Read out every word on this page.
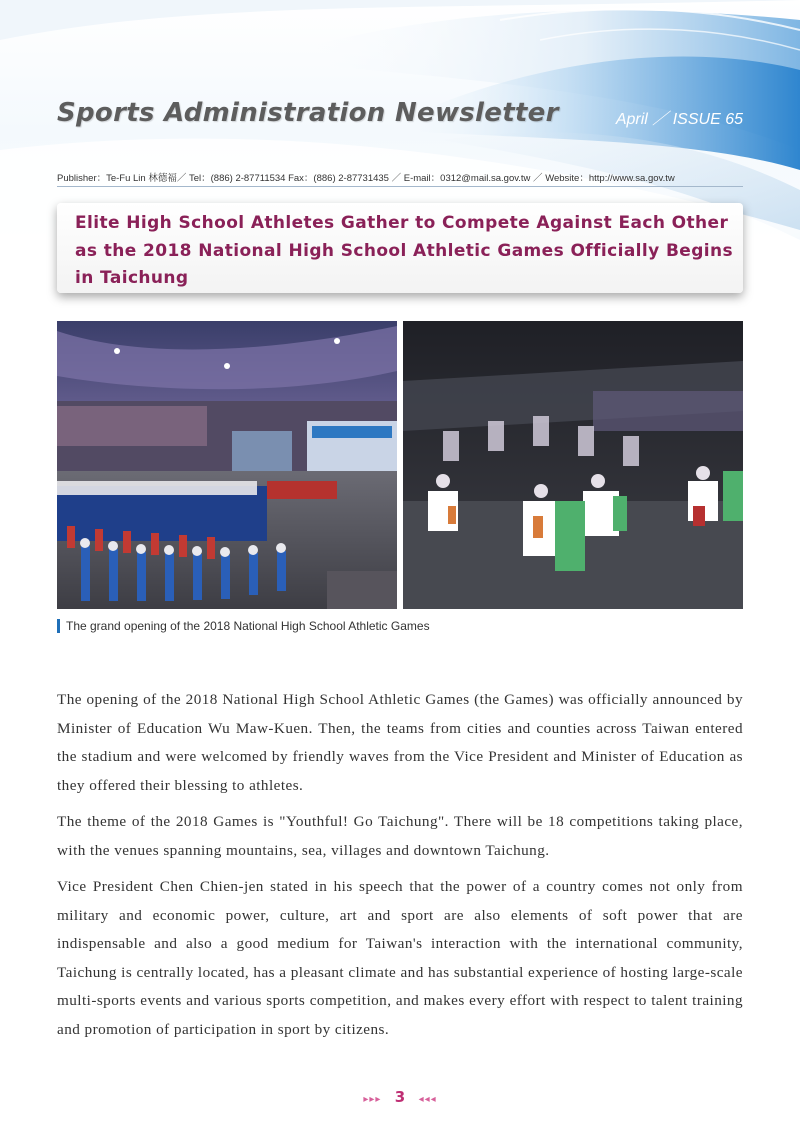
Sports Administration Newsletter	April ／ ISSUE 65
Publisher：Te-Fu Lin 林德福／ Tel：(886) 2-87711534 Fax：(886) 2-87731435 ／ E-mail：0312@mail.sa.gov.tw ／ Website：http://www.sa.gov.tw
Elite High School Athletes Gather to Compete Against Each Other as the 2018 National High School Athletic Games Officially Begins in Taichung
The grand opening of the 2018 National High School Athletic Games

The opening of the 2018 National High School Athletic Games (the Games) was officially announced by Minister of Education Wu Maw-Kuen. Then, the teams from cities and counties across Taiwan entered the stadium and were welcomed by friendly waves from the Vice President and Minister of Education as they offered their blessing to athletes.

The theme of the 2018 Games is "Youthful! Go Taichung". There will be 18 competitions taking place, with the venues spanning mountains, sea, villages and downtown Taichung.

Vice President Chen Chien-jen stated in his speech that the power of a country comes not only from military and economic power, culture, art and sport are also elements of soft power that are indispensable and also a good medium for Taiwan's interaction with the international community, Taichung is centrally located, has a pleasant climate and has substantial experience of hosting large-scale multi-sports events and various sports competition, and makes every effort with respect to talent training and promotion of participation in sport by citizens.

▸▸▸ 3 ◂◂◂
